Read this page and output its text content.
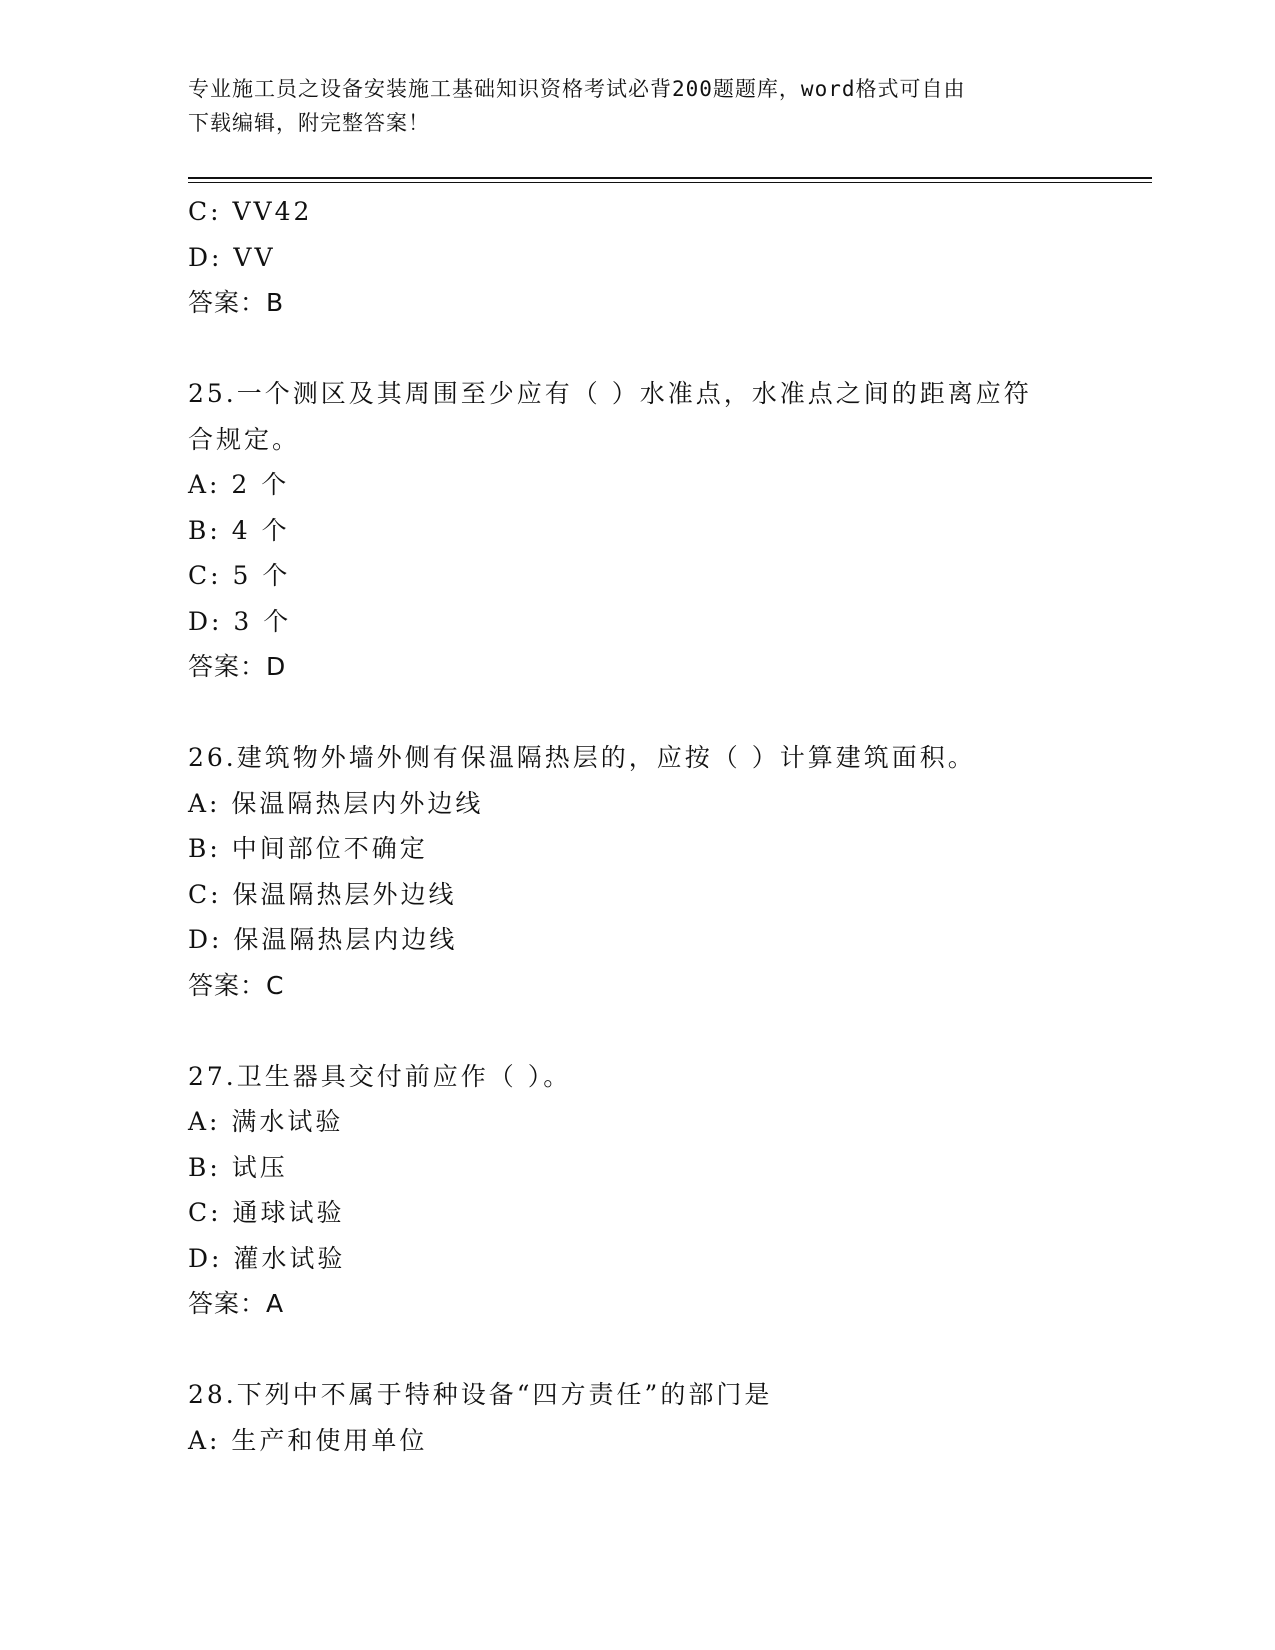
专业施工员之设备安装施工基础知识资格考试必背200题题库，word格式可自由
下载编辑，附完整答案！
C: VV42
D: VV
答案：B
25.一个测区及其周围至少应有（ ）水准点，水准点之间的距离应符
合规定。
A: 2 个
B: 4 个
C: 5 个
D: 3 个
答案：D
26.建筑物外墙外侧有保温隔热层的，应按（ ）计算建筑面积。
A: 保温隔热层内外边线
B: 中间部位不确定
C: 保温隔热层外边线
D: 保温隔热层内边线
答案：C
27.卫生器具交付前应作（ ）。
A: 满水试验
B: 试压
C: 通球试验
D: 灌水试验
答案：A
28.下列中不属于特种设备“四方责任”的部门是
A: 生产和使用单位
